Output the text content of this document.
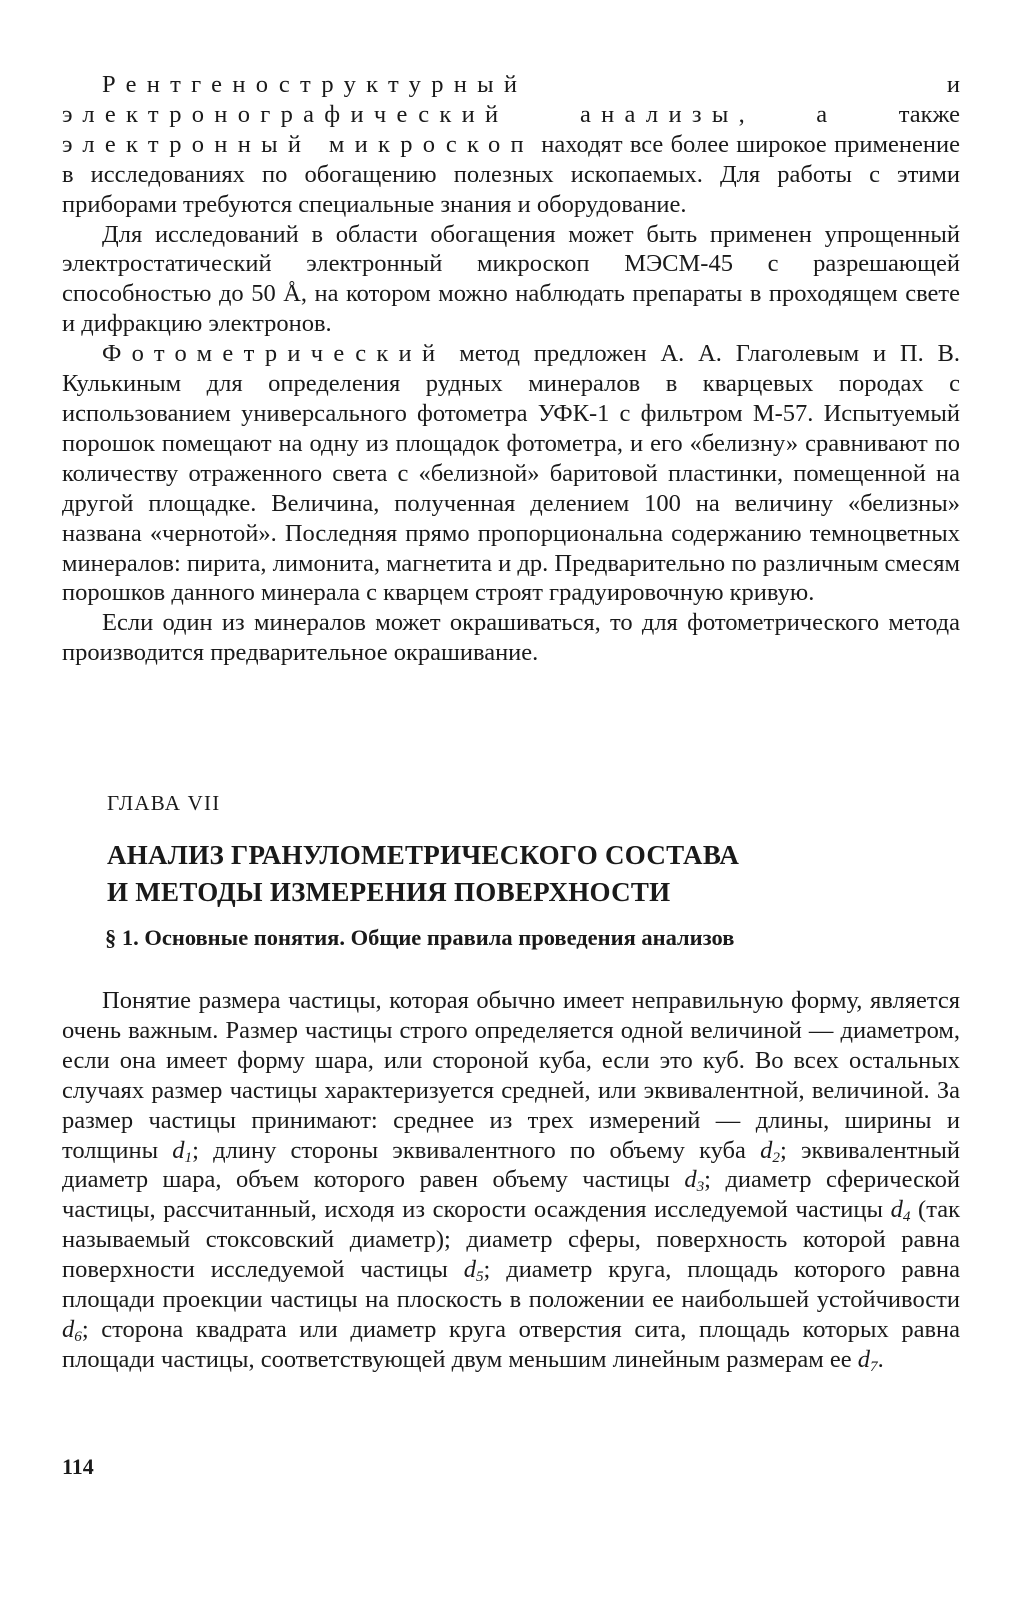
Рентгеноструктурный	и электронографический	анализы, а также электронный микроскоп находят все более широкое применение в исследованиях по обогащению полезных ископаемых. Для работы с этими приборами требуются специальные знания и оборудование.

Для исследований в области обогащения может быть применен упрощенный электростатический электронный микроскоп МЭСМ-45 с разрешающей способностью до 50 Å, на котором можно наблюдать препараты в проходящем свете и дифракцию электронов.

Фотометрический метод предложен А. А. Глаголевым и П. В. Кулькиным для определения рудных минералов в кварцевых породах с использованием универсального фотометра УФК-1 с фильтром М-57. Испытуемый порошок помещают на одну из площадок фотометра, и его «белизну» сравнивают по количеству отраженного света с «белизной» баритовой пластинки, помещенной на другой площадке. Величина, полученная делением 100 на величину «белизны» названа «чернотой». Последняя прямо пропорциональна содержанию темноцветных минералов: пирита, лимонита, магнетита и др. Предварительно по различным смесям порошков данного минерала с кварцем строят градуировочную кривую.

Если один из минералов может окрашиваться, то для фотометрического метода производится предварительное окрашивание.

ГЛАВА VII

АНАЛИЗ ГРАНУЛОМЕТРИЧЕСКОГО СОСТАВА
И МЕТОДЫ ИЗМЕРЕНИЯ ПОВЕРХНОСТИ

§ 1. Основные понятия. Общие правила проведения анализов

Понятие размера частицы, которая обычно имеет неправильную форму, является очень важным. Размер частицы строго определяется одной величиной — диаметром, если она имеет форму шара, или стороной куба, если это куб. Во всех остальных случаях размер частицы характеризуется средней, или эквивалентной, величиной. За размер частицы принимают: среднее из трех измерений — длины, ширины и толщины $d_1$; длину стороны эквивалентного по объему куба $d_2$; эквивалентный диаметр шара, объем которого равен объему частицы $d_3$; диаметр сферической частицы, рассчитанный, исходя из скорости осаждения исследуемой частицы $d_4$ (так называемый стоксовский диаметр); диаметр сферы, поверхность которой равна поверхности исследуемой частицы $d_5$; диаметр круга, площадь которого равна площади проекции частицы на плоскость в положении ее наибольшей устойчивости $d_6$; сторона квадрата или диаметр круга отверстия сита, площадь которых равна площади частицы, соответствующей двум меньшим линейным размерам ее $d_7$.

114
